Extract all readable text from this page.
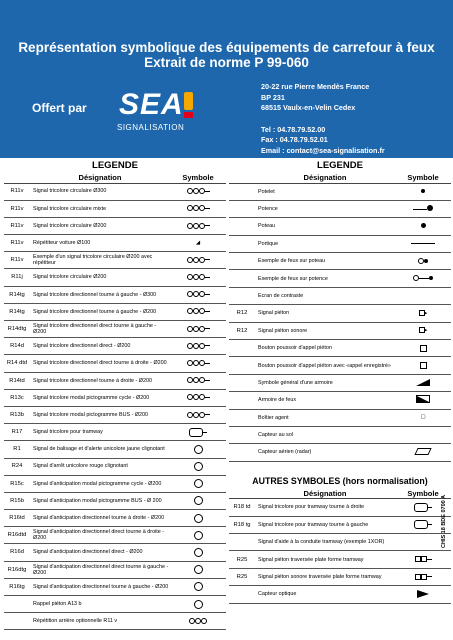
Représentation symbolique des équipements de carrefour à feux
Extrait de norme P 99-060
Offert par SEA
SIGNALISATION
20-22 rue Pierre Mendès France
BP 231
68515 Vaulx-en-Velin Cedex
Tel : 04.78.79.52.00
Fax : 04.78.79.52.01
Email : contact@sea-signalisation.fr
LEGENDE
	Désignation	Symbole
R11v	Signal tricolore circulaire Ø300	
R11v	Signal tricolore circulaire mixte	
R11v	Signal tricolore circulaire Ø200	
R11v	Répétiteur voiture Ø100	◢
R11v	Exemple d'un signal tricolore circulaire Ø200 avec répétiteur	
R11j	Signal tricolore circulaire Ø200	
R14tg	Signal tricolore directionnel tourne à gauche - Ø300	
R14tg	Signal tricolore directionnel tourne à gauche - Ø200	
R14dtg	Signal tricolore directionnel direct tourne à gauche - Ø200	
R14d	Signal tricolore directionnel direct - Ø200	
R14 dtd	Signal tricolore directionnel direct tourne à droite - Ø200	
R14td	Signal tricolore directionnel tourne à droite - Ø200	
R13c	Signal tricolore modal pictogramme cycle - Ø200	
R13b	Signal tricolore modal pictogramme BUS - Ø200	
R17	Signal tricolore pour tramway	
R1	Signal de balisage et d'alerte unicolore jaune clignotant	
R24	Signal d'arrêt unicolore rouge clignotant	
R15c	Signal d'anticipation modal pictogramme cycle - Ø200	
R15b	Signal d'anticipation modal pictogramme BUS - Ø 200	
R16td	Signal d'anticipation directionnel tourne à droite - Ø200	
R16dtd	Signal d'anticipation directionnel direct tourne à droite - Ø200	
R16d	Signal d'anticipation directionnel direct - Ø200	
R16dtg	Signal d'anticipation directionnel direct tourne à gauche - Ø200	
R16tg	Signal d'anticipation directionnel tourne à gauche - Ø200	
	Rappel piéton A13 b	
	Répétition arrière optionnelle R11 v	
LEGENDE
	Désignation	Symbole
	Potelet	
	Potence	
	Poteau	
	Portique	
	Exemple de feux sur poteau	
	Exemple de feux sur potence	
	Ecran de contraste	
R12	Signal piéton	▸
R12	Signal piéton sonore	▸
	Bouton poussoir d'appel piéton	
	Bouton poussoir d'appel piéton avec «appel enregistré»	
	Symbole général d'une armoire	
	Armoire de feux	
	Boîtier agent	▢
	Capteur au sol	
	Capteur aérien (radar)	
AUTRES SYMBOLES (hors normalisation)
	Désignation	Symbole
R18 td	Signal tricolore pour tramway tourne à droite	
R18 tg	Signal tricolore pour tramway tourne à gauche	
	Signal d'aide à la conduite tramway (exemple 1XOR)	
R25	Signal piéton traversée plate forme tramway	
R25	Signal piéton sonore traversée plate forme tramway	
	Capteur optique	
CHIS 18 BDE 0700 A
